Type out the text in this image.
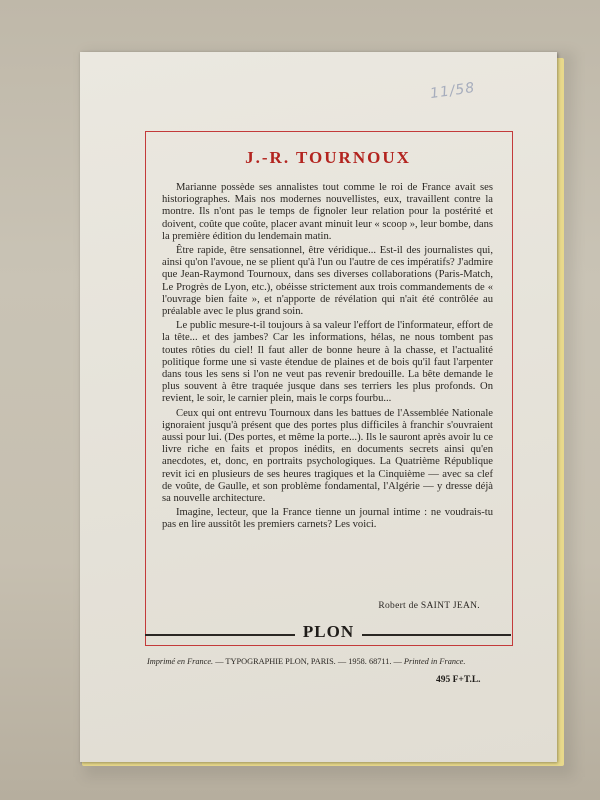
11/58
J.-R. TOURNOUX

Marianne possède ses annalistes tout comme le roi de France avait ses historiographes. Mais nos modernes nouvellistes, eux, travaillent contre la montre. Ils n'ont pas le temps de fignoler leur relation pour la postérité et doivent, coûte que coûte, placer avant minuit leur « scoop », leur bombe, dans la première édition du lendemain matin.

Être rapide, être sensationnel, être véridique... Est-il des journalistes qui, ainsi qu'on l'avoue, ne se plient qu'à l'un ou l'autre de ces impératifs? J'admire que Jean-Raymond Tournoux, dans ses diverses collaborations (Paris-Match, Le Progrès de Lyon, etc.), obéisse strictement aux trois commandements de « l'ouvrage bien faite », et n'apporte de révélation qui n'ait été contrôlée au préalable avec le plus grand soin.

Le public mesure-t-il toujours à sa valeur l'effort de l'informateur, effort de la tête... et des jambes? Car les informations, hélas, ne nous tombent pas toutes rôties du ciel! Il faut aller de bonne heure à la chasse, et l'actualité politique forme une si vaste étendue de plaines et de bois qu'il faut l'arpenter dans tous les sens si l'on ne veut pas revenir bredouille. La bête demande le plus souvent à être traquée jusque dans ses terriers les plus profonds. On revient, le soir, le carnier plein, mais le corps fourbu...

Ceux qui ont entrevu Tournoux dans les battues de l'Assemblée Nationale ignoraient jusqu'à présent que des portes plus difficiles à franchir s'ouvraient aussi pour lui. (Des portes, et même la porte...). Ils le sauront après avoir lu ce livre riche en faits et propos inédits, en documents secrets ainsi qu'en anecdotes, et, donc, en portraits psychologiques. La Quatrième République revit ici en plusieurs de ses heures tragiques et la Cinquième — avec sa clef de voûte, de Gaulle, et son problème fondamental, l'Algérie — y dresse déjà sa nouvelle architecture.

Imagine, lecteur, que la France tienne un journal intime : ne voudrais-tu pas en lire aussitôt les premiers carnets? Les voici.

Robert de SAINT JEAN.
PLON
Imprimé en France. — TYPOGRAPHIE PLON, PARIS. — 1958. 68711. — Printed in France.
495 F+T.L.
